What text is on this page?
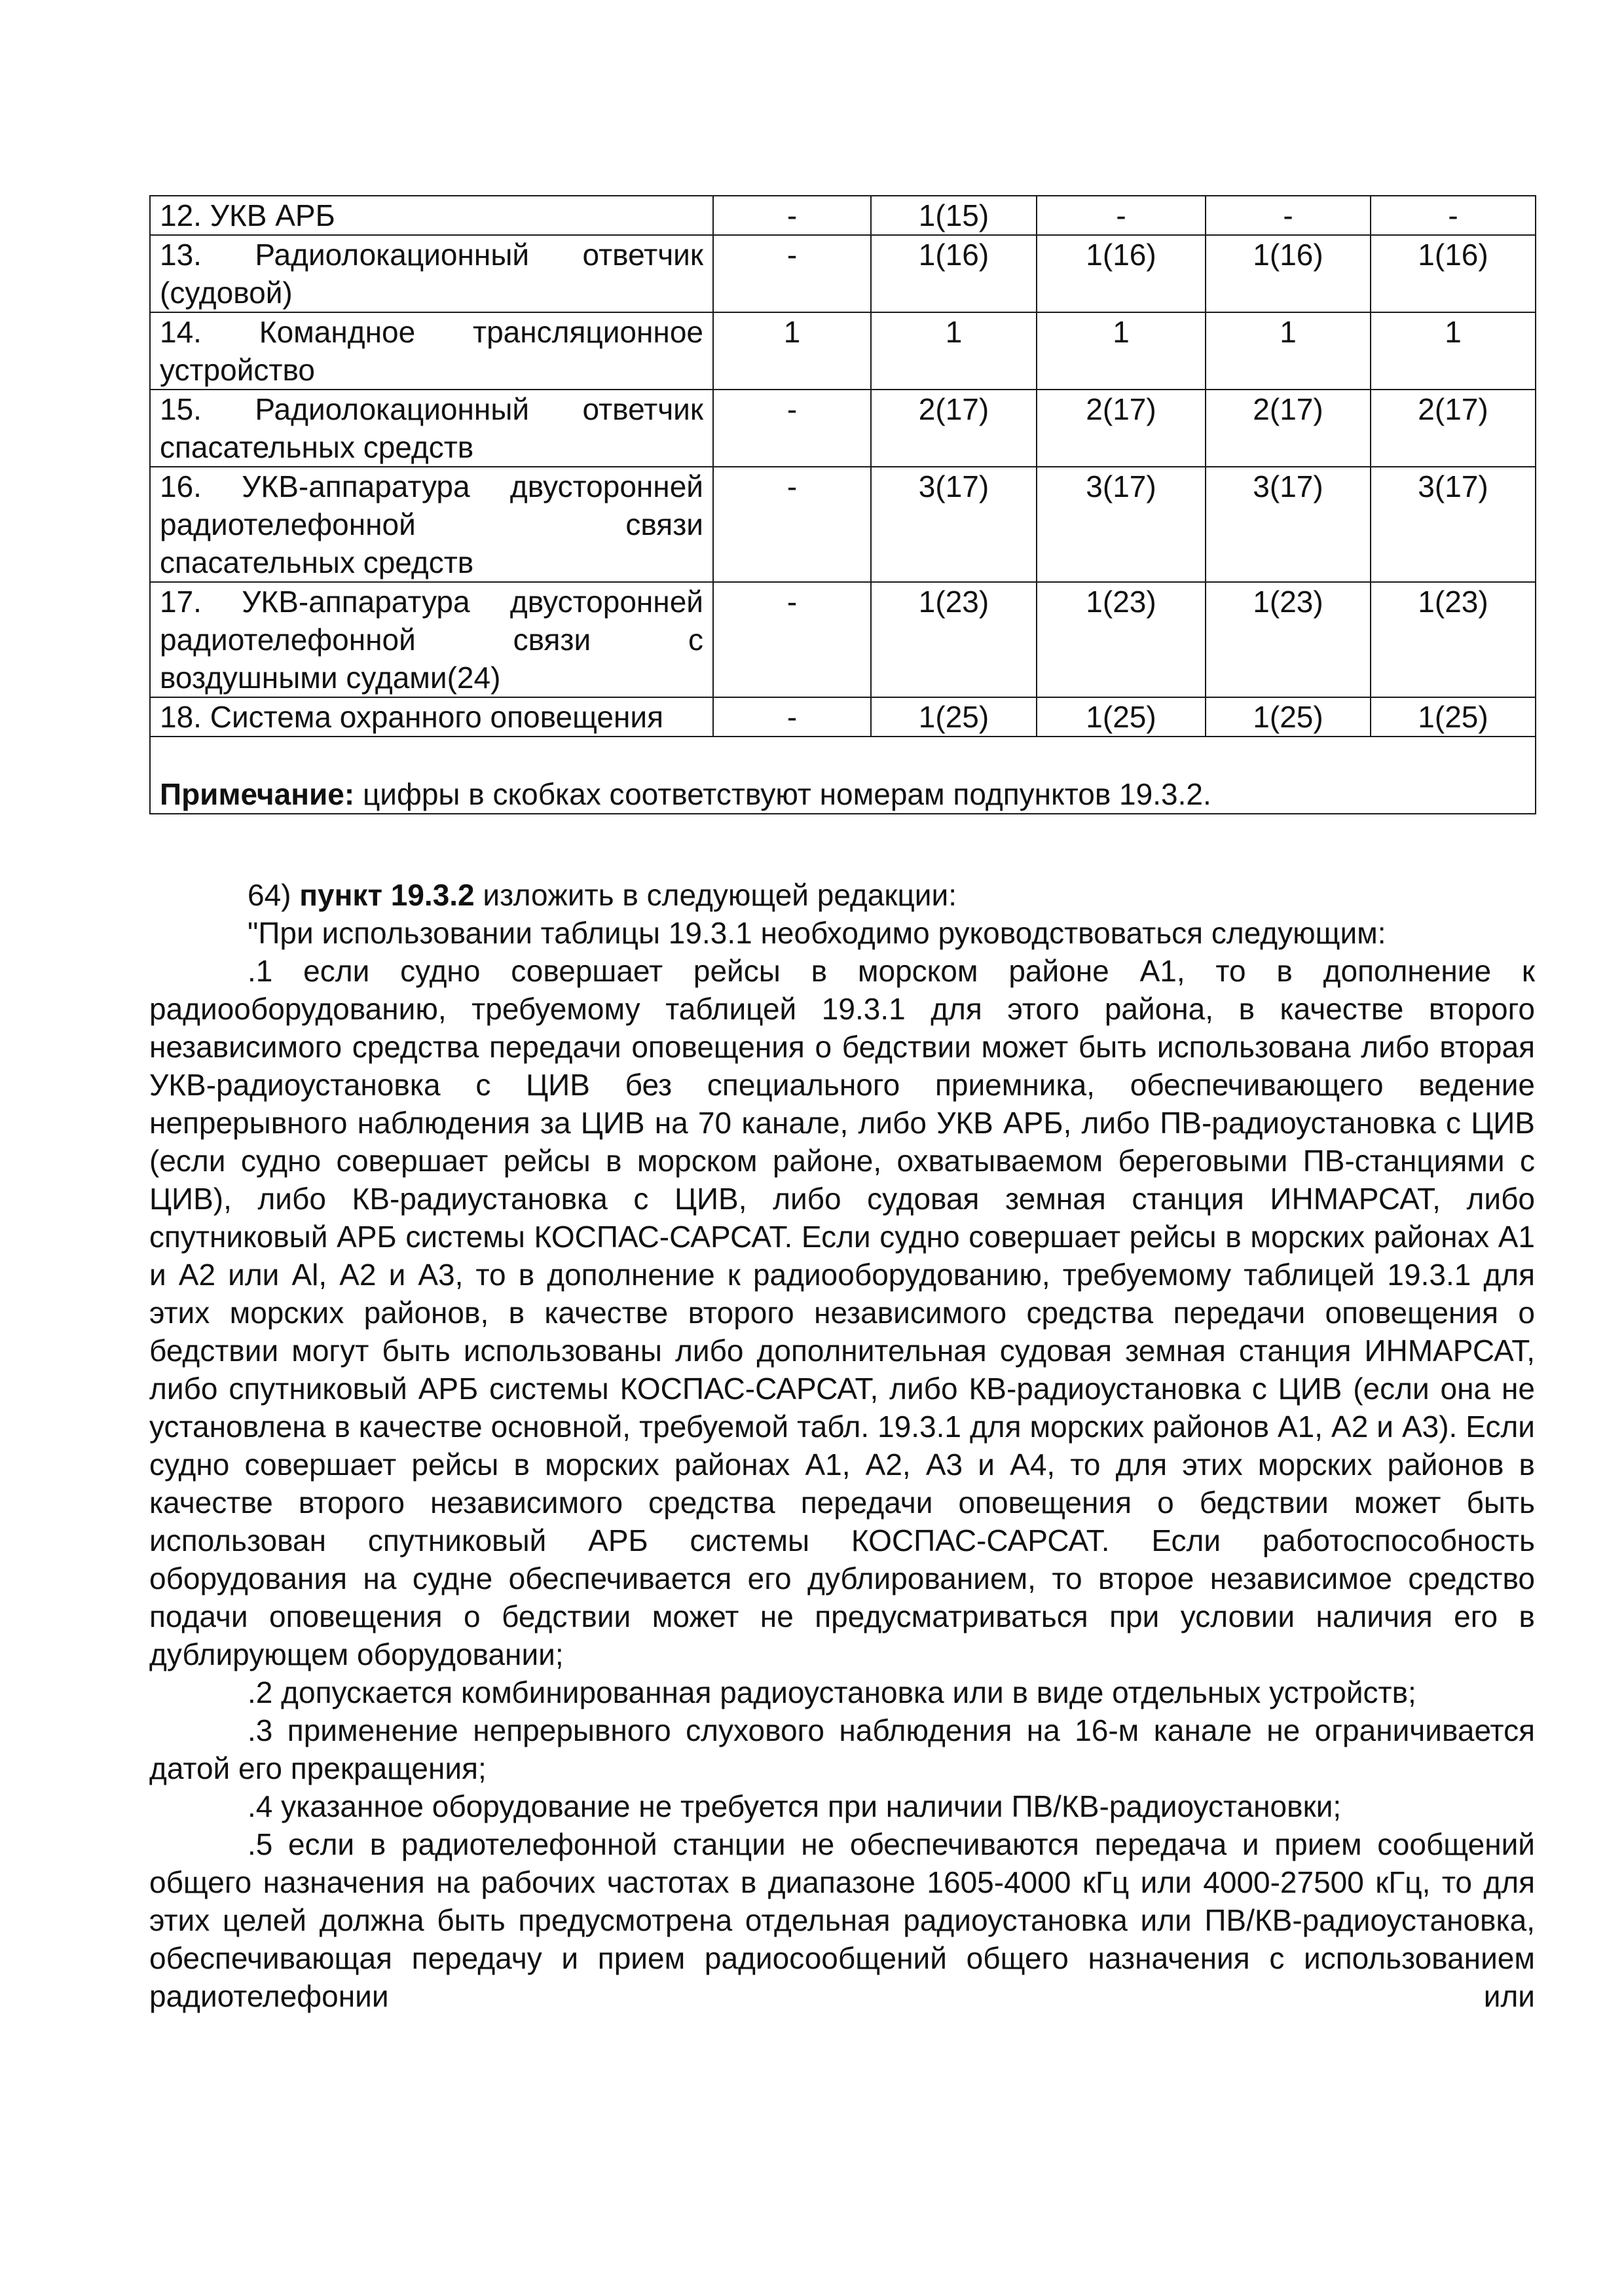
12. УКВ АРБ	-	1(15)	-	-	-
13. Радиолокационный ответчик (судовой)	-	1(16)	1(16)	1(16)	1(16)
14. Командное трансляционное устройство	1	1	1	1	1
15. Радиолокационный ответчик спасательных средств	-	2(17)	2(17)	2(17)	2(17)
16. УКВ-аппаратура двусторонней радиотелефонной связи спасательных средств	-	3(17)	3(17)	3(17)	3(17)
17. УКВ-аппаратура двусторонней радиотелефонной связи с воздушными судами(24)	-	1(23)	1(23)	1(23)	1(23)
18. Система охранного оповещения	-	1(25)	1(25)	1(25)	1(25)
Примечание: цифры в скобках соответствуют номерам подпунктов 19.3.2.					

64) пункт 19.3.2 изложить в следующей редакции:

"При использовании таблицы 19.3.1 необходимо руководствоваться следующим:

.1 если судно совершает рейсы в морском районе А1, то в дополнение к радиооборудованию, требуемому таблицей 19.3.1 для этого района, в качестве второго независимого средства передачи оповещения о бедствии может быть использована либо вторая УКВ-радиоустановка с ЦИВ без специального приемника, обеспечивающего ведение непрерывного наблюдения за ЦИВ на 70 канале, либо УКВ АРБ, либо ПВ-радиоустановка с ЦИВ (если судно совершает рейсы в морском районе, охватываемом береговыми ПВ-станциями с ЦИВ), либо КВ-радиустановка с ЦИВ, либо судовая земная станция ИНМАРСАТ, либо спутниковый АРБ системы КОСПАС-САРСАТ. Если судно совершает рейсы в морских районах А1 и А2 или Аl, А2 и А3, то в дополнение к радиооборудованию, требуемому таблицей 19.3.1 для этих морских районов, в качестве второго независимого средства передачи оповещения о бедствии могут быть использованы либо дополнительная судовая земная станция ИНМАРСАТ, либо спутниковый АРБ системы КОСПАС-САРСАТ, либо КВ-радиоустановка с ЦИВ (если она не установлена в качестве основной, требуемой табл. 19.3.1 для морских районов А1, А2 и А3). Если судно совершает рейсы в морских районах А1, А2, А3 и А4, то для этих морских районов в качестве второго независимого средства передачи оповещения о бедствии может быть использован спутниковый АРБ системы КОСПАС-САРСАТ. Если работоспособность оборудования на судне обеспечивается его дублированием, то второе независимое средство подачи оповещения о бедствии может не предусматриваться при условии наличия его в дублирующем оборудовании;

.2 допускается комбинированная радиоустановка или в виде отдельных устройств;

.3 применение непрерывного слухового наблюдения на 16-м канале не ограничивается датой его прекращения;

.4 указанное оборудование не требуется при наличии ПВ/КВ-радиоустановки;

.5 если в радиотелефонной станции не обеспечиваются передача и прием сообщений общего назначения на рабочих частотах в диапазоне 1605-4000 кГц или 4000-27500 кГц, то для этих целей должна быть предусмотрена отдельная радиоустановка или ПВ/КВ-радиоустановка, обеспечивающая передачу и прием радиосообщений общего назначения с использованием радиотелефонии или
